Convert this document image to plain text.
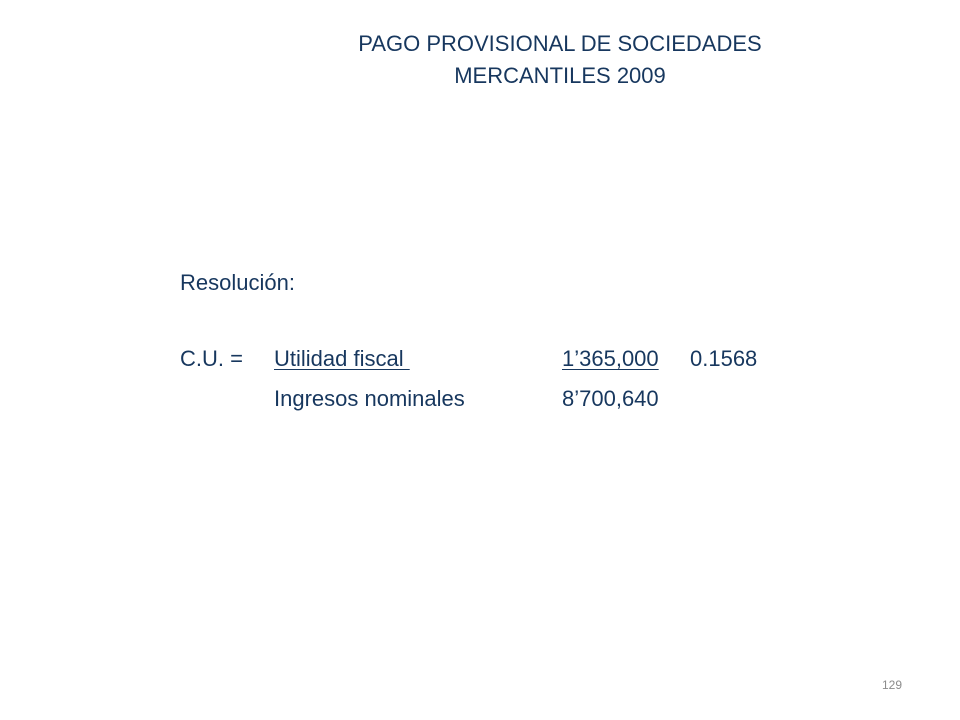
PAGO PROVISIONAL DE SOCIEDADES
MERCANTILES 2009
Resolución:
C.U. = Utilidad fiscal	1’365,000 0.1568
Ingresos nominales	8’700,640
129
